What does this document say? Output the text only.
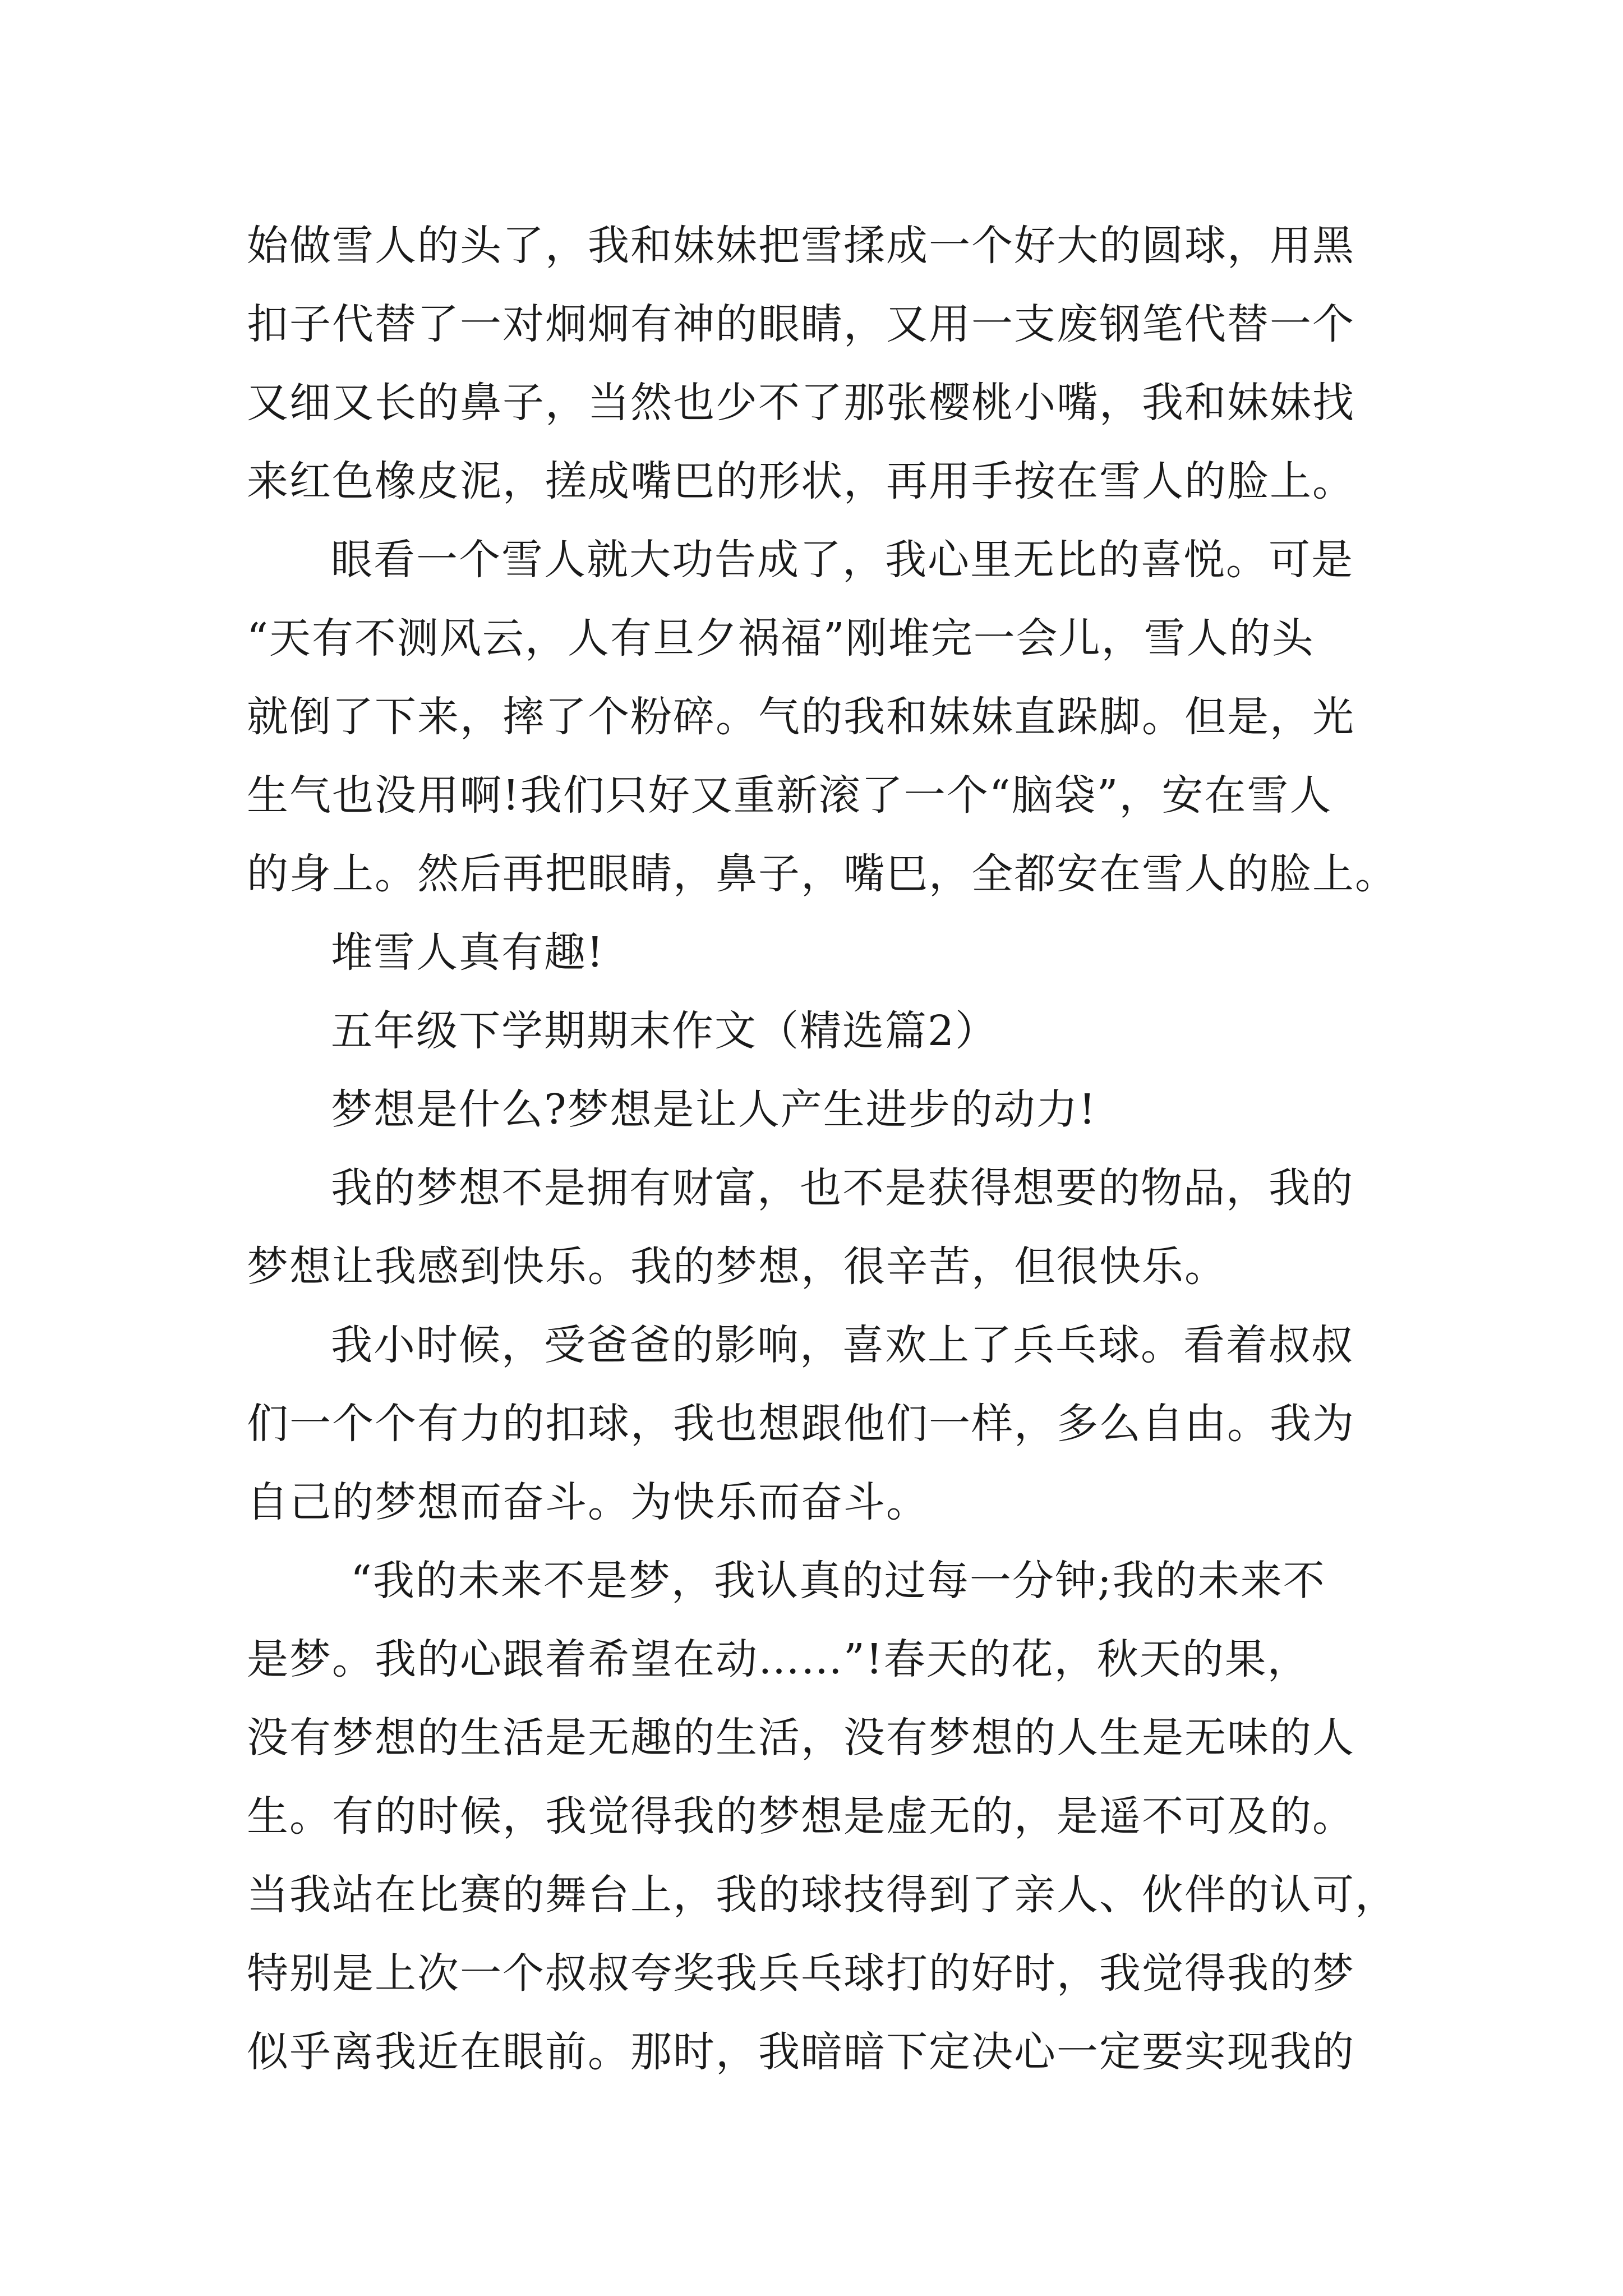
始做雪人的头了，我和妹妹把雪揉成一个好大的圆球，用黑
扣子代替了一对炯炯有神的眼睛，又用一支废钢笔代替一个
又细又长的鼻子，当然也少不了那张樱桃小嘴，我和妹妹找
来红色橡皮泥，搓成嘴巴的形状，再用手按在雪人的脸上。
眼看一个雪人就大功告成了，我心里无比的喜悦。可是
“天有不测风云，人有旦夕祸福”刚堆完一会儿，雪人的头
就倒了下来，摔了个粉碎。气的我和妹妹直跺脚。但是，光
生气也没用啊!我们只好又重新滚了一个“脑袋”，安在雪人
的身上。然后再把眼睛，鼻子，嘴巴，全都安在雪人的脸上。
堆雪人真有趣!
五年级下学期期末作文（精选篇2）
梦想是什么?梦想是让人产生进步的动力!
我的梦想不是拥有财富，也不是获得想要的物品，我的
梦想让我感到快乐。我的梦想，很辛苦，但很快乐。
我小时候，受爸爸的影响，喜欢上了兵乓球。看着叔叔
们一个个有力的扣球，我也想跟他们一样，多么自由。我为
自己的梦想而奋斗。为快乐而奋斗。
“我的未来不是梦，我认真的过每一分钟;我的未来不
是梦。我的心跟着希望在动……”!春天的花，秋天的果，
没有梦想的生活是无趣的生活，没有梦想的人生是无味的人
生。有的时候，我觉得我的梦想是虚无的，是遥不可及的。
当我站在比赛的舞台上，我的球技得到了亲人、伙伴的认可，
特别是上次一个叔叔夸奖我兵乓球打的好时，我觉得我的梦
似乎离我近在眼前。那时，我暗暗下定决心一定要实现我的
